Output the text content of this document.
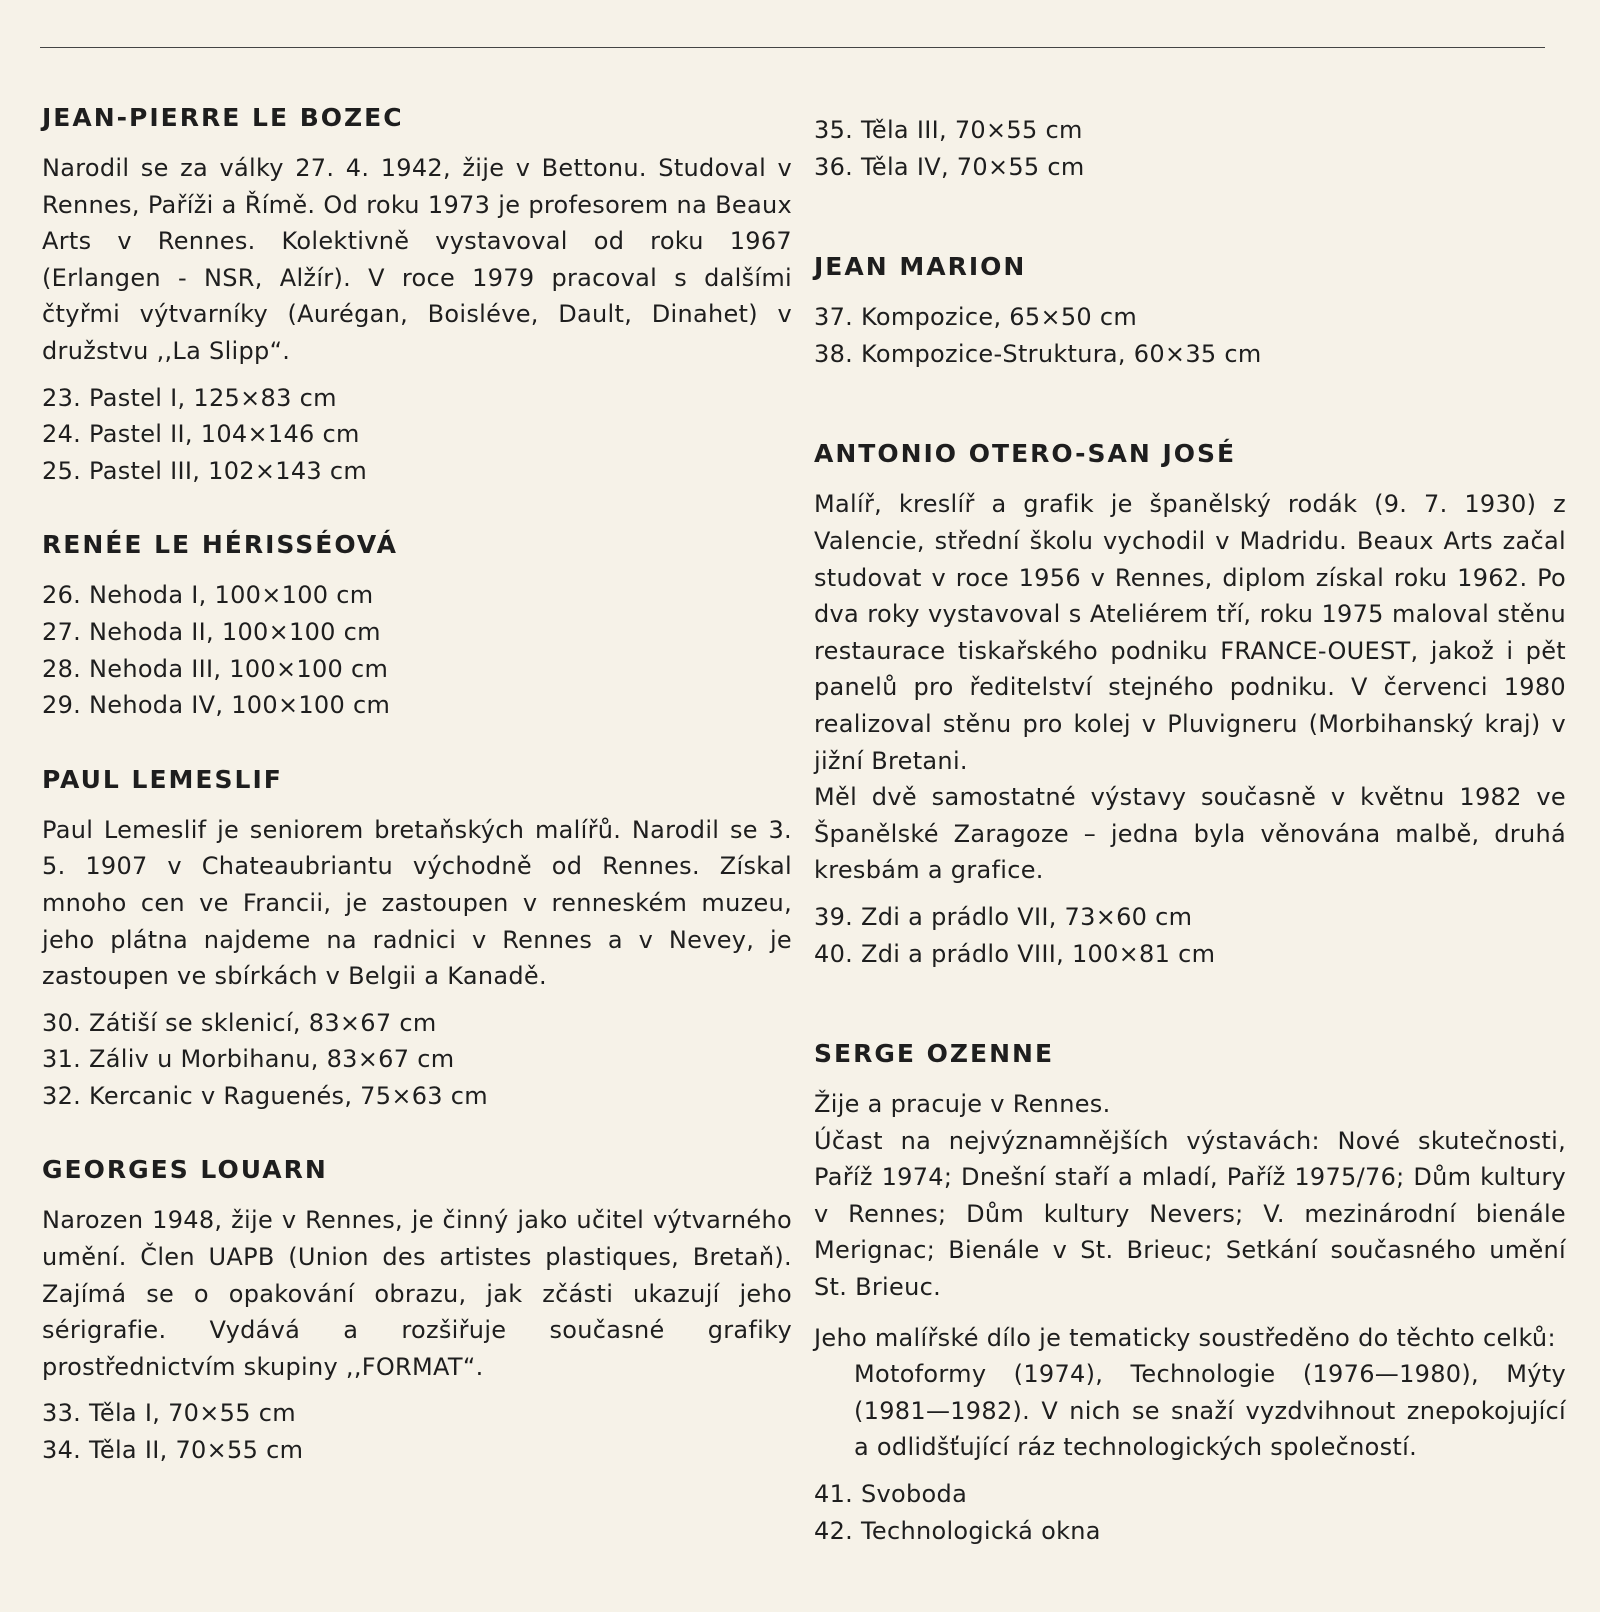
JEAN-PIERRE LE BOZEC

Narodil se za války 27. 4. 1942, žije v Bettonu. Studoval v Rennes, Paříži a Římě. Od roku 1973 je profesorem na Beaux Arts v Rennes. Kolektivně vystavoval od roku 1967 (Erlangen - NSR, Alžír). V roce 1979 pracoval s dalšími čtyřmi výtvarníky (Aurégan, Boisléve, Dault, Dinahet) v družstvu ,,La Slipp“.

23. Pastel I, 125×83 cm
24. Pastel II, 104×146 cm
25. Pastel III, 102×143 cm
RENÉE LE HÉRISSÉOVÁ
26. Nehoda I, 100×100 cm
27. Nehoda II, 100×100 cm
28. Nehoda III, 100×100 cm
29. Nehoda IV, 100×100 cm
PAUL LEMESLIF

Paul Lemeslif je seniorem bretaňských malířů. Narodil se 3. 5. 1907 v Chateaubriantu východně od Rennes. Získal mnoho cen ve Francii, je zastoupen v renneském muzeu, jeho plátna najdeme na radnici v Rennes a v Nevey, je zastoupen ve sbírkách v Belgii a Kanadě.

30. Zátiší se sklenicí, 83×67 cm
31. Záliv u Morbihanu, 83×67 cm
32. Kercanic v Raguenés, 75×63 cm
GEORGES LOUARN

Narozen 1948, žije v Rennes, je činný jako učitel výtvarného umění. Člen UAPB (Union des artistes plastiques, Bretaň). Zajímá se o opakování obrazu, jak zčásti ukazují jeho sérigrafie. Vydává a rozšiřuje současné grafiky prostřednictvím skupiny ,,FORMAT“.

33. Těla I, 70×55 cm
34. Těla II, 70×55 cm
35. Těla III, 70×55 cm
36. Těla IV, 70×55 cm
JEAN MARION
37. Kompozice, 65×50 cm
38. Kompozice-Struktura, 60×35 cm
ANTONIO OTERO-SAN JOSÉ

Malíř, kreslíř a grafik je španělský rodák (9. 7. 1930) z Valencie, střední školu vychodil v Madridu. Beaux Arts začal studovat v roce 1956 v Rennes, diplom získal roku 1962. Po dva roky vystavoval s Ateliérem tří, roku 1975 maloval stěnu restaurace tiskařského podniku FRANCE-OUEST, jakož i pět panelů pro ředitelství stejného podniku. V červenci 1980 realizoval stěnu pro kolej v Pluvigneru (Morbihanský kraj) v jižní Bretani.

Měl dvě samostatné výstavy současně v květnu 1982 ve Španělské Zaragoze – jedna byla věnována malbě, druhá kresbám a grafice.

39. Zdi a prádlo VII, 73×60 cm
40. Zdi a prádlo VIII, 100×81 cm
SERGE OZENNE

Žije a pracuje v Rennes.

Účast na nejvýznamnějších výstavách: Nové skutečnosti, Paříž 1974; Dnešní staří a mladí, Paříž 1975/76; Dům kultury v Rennes; Dům kultury Nevers; V. mezinárodní bienále Merignac; Bienále v St. Brieuc; Setkání současného umění St. Brieuc.

Jeho malířské dílo je tematicky soustředěno do těchto celků:

Motoformy (1974), Technologie (1976—1980), Mýty (1981—1982). V nich se snaží vyzdvihnout znepokojující a odlidšťující ráz technologických společností.

41. Svoboda
42. Technologická okna
